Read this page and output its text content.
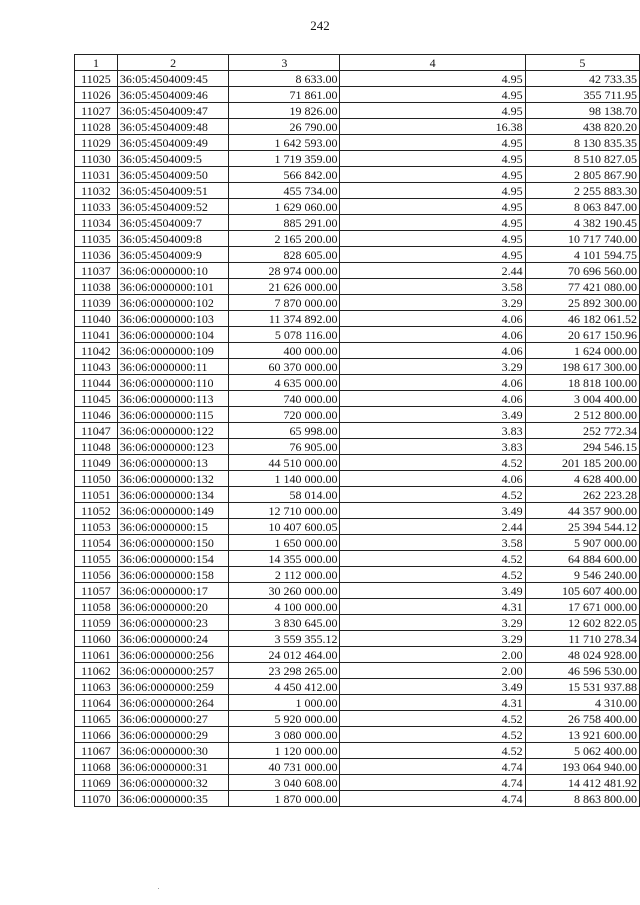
242
1	2	3	4	5
11025	36:05:4504009:45	8 633.00	4.95	42 733.35
11026	36:05:4504009:46	71 861.00	4.95	355 711.95
11027	36:05:4504009:47	19 826.00	4.95	98 138.70
11028	36:05:4504009:48	26 790.00	16.38	438 820.20
11029	36:05:4504009:49	1 642 593.00	4.95	8 130 835.35
11030	36:05:4504009:5	1 719 359.00	4.95	8 510 827.05
11031	36:05:4504009:50	566 842.00	4.95	2 805 867.90
11032	36:05:4504009:51	455 734.00	4.95	2 255 883.30
11033	36:05:4504009:52	1 629 060.00	4.95	8 063 847.00
11034	36:05:4504009:7	885 291.00	4.95	4 382 190.45
11035	36:05:4504009:8	2 165 200.00	4.95	10 717 740.00
11036	36:05:4504009:9	828 605.00	4.95	4 101 594.75
11037	36:06:0000000:10	28 974 000.00	2.44	70 696 560.00
11038	36:06:0000000:101	21 626 000.00	3.58	77 421 080.00
11039	36:06:0000000:102	7 870 000.00	3.29	25 892 300.00
11040	36:06:0000000:103	11 374 892.00	4.06	46 182 061.52
11041	36:06:0000000:104	5 078 116.00	4.06	20 617 150.96
11042	36:06:0000000:109	400 000.00	4.06	1 624 000.00
11043	36:06:0000000:11	60 370 000.00	3.29	198 617 300.00
11044	36:06:0000000:110	4 635 000.00	4.06	18 818 100.00
11045	36:06:0000000:113	740 000.00	4.06	3 004 400.00
11046	36:06:0000000:115	720 000.00	3.49	2 512 800.00
11047	36:06:0000000:122	65 998.00	3.83	252 772.34
11048	36:06:0000000:123	76 905.00	3.83	294 546.15
11049	36:06:0000000:13	44 510 000.00	4.52	201 185 200.00
11050	36:06:0000000:132	1 140 000.00	4.06	4 628 400.00
11051	36:06:0000000:134	58 014.00	4.52	262 223.28
11052	36:06:0000000:149	12 710 000.00	3.49	44 357 900.00
11053	36:06:0000000:15	10 407 600.05	2.44	25 394 544.12
11054	36:06:0000000:150	1 650 000.00	3.58	5 907 000.00
11055	36:06:0000000:154	14 355 000.00	4.52	64 884 600.00
11056	36:06:0000000:158	2 112 000.00	4.52	9 546 240.00
11057	36:06:0000000:17	30 260 000.00	3.49	105 607 400.00
11058	36:06:0000000:20	4 100 000.00	4.31	17 671 000.00
11059	36:06:0000000:23	3 830 645.00	3.29	12 602 822.05
11060	36:06:0000000:24	3 559 355.12	3.29	11 710 278.34
11061	36:06:0000000:256	24 012 464.00	2.00	48 024 928.00
11062	36:06:0000000:257	23 298 265.00	2.00	46 596 530.00
11063	36:06:0000000:259	4 450 412.00	3.49	15 531 937.88
11064	36:06:0000000:264	1 000.00	4.31	4 310.00
11065	36:06:0000000:27	5 920 000.00	4.52	26 758 400.00
11066	36:06:0000000:29	3 080 000.00	4.52	13 921 600.00
11067	36:06:0000000:30	1 120 000.00	4.52	5 062 400.00
11068	36:06:0000000:31	40 731 000.00	4.74	193 064 940.00
11069	36:06:0000000:32	3 040 608.00	4.74	14 412 481.92
11070	36:06:0000000:35	1 870 000.00	4.74	8 863 800.00
